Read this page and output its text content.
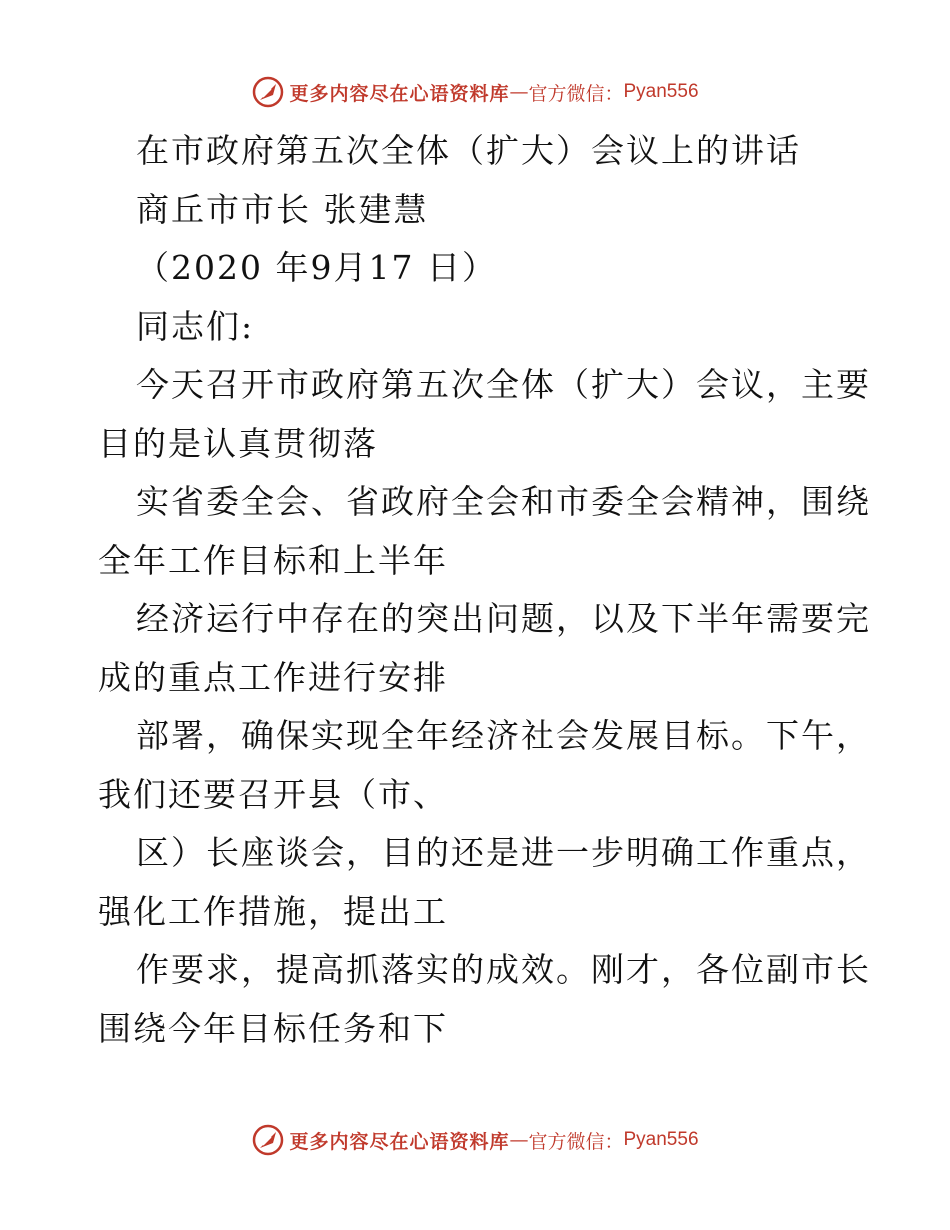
更多内容尽在心语资料库 — 官方微信： Pyan556
在市政府第五次全体（扩大）会议上的讲话
商丘市市长 张建慧
（2020 年9月17 日）
同志们:
今天召开市政府第五次全体（扩大）会议，主要
目的是认真贯彻落
实省委全会、省政府全会和市委全会精神，围绕
全年工作目标和上半年
经济运行中存在的突出问题，以及下半年需要完
成的重点工作进行安排
部署，确保实现全年经济社会发展目标。下午，
我们还要召开县（市、
区）长座谈会，目的还是进一步明确工作重点，
强化工作措施，提出工
作要求，提高抓落实的成效。刚才，各位副市长
围绕今年目标任务和下
更多内容尽在心语资料库 — 官方微信： Pyan556
